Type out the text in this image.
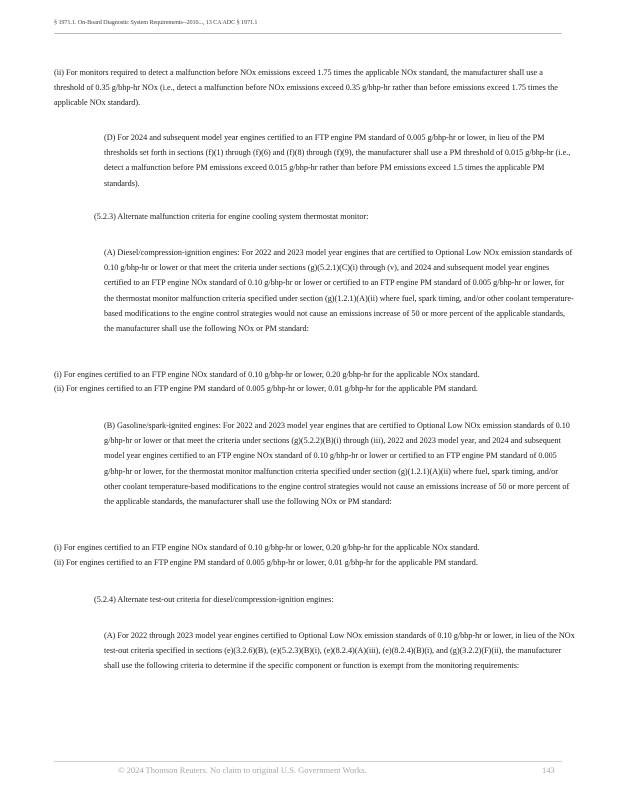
§ 1971.1. On-Board Diagnostic System Requirements--2010..., 13 CA ADC § 1971.1

(ii) For monitors required to detect a malfunction before NOx emissions exceed 1.75 times the applicable NOx standard, the manufacturer shall use a threshold of 0.35 g/bhp-hr NOx (i.e., detect a malfunction before NOx emissions exceed 0.35 g/bhp-hr rather than before emissions exceed 1.75 times the applicable NOx standard).

(D) For 2024 and subsequent model year engines certified to an FTP engine PM standard of 0.005 g/bhp-hr or lower, in lieu of the PM thresholds set forth in sections (f)(1) through (f)(6) and (f)(8) through (f)(9), the manufacturer shall use a PM threshold of 0.015 g/bhp-hr (i.e., detect a malfunction before PM emissions exceed 0.015 g/bhp-hr rather than before PM emissions exceed 1.5 times the applicable PM standards).

(5.2.3) Alternate malfunction criteria for engine cooling system thermostat monitor:

(A) Diesel/compression-ignition engines: For 2022 and 2023 model year engines that are certified to Optional Low NOx emission standards of 0.10 g/bhp-hr or lower or that meet the criteria under sections (g)(5.2.1)(C)(i) through (v), and 2024 and subsequent model year engines certified to an FTP engine NOx standard of 0.10 g/bhp-hr or lower or certified to an FTP engine PM standard of 0.005 g/bhp-hr or lower, for the thermostat monitor malfunction criteria specified under section (g)(1.2.1)(A)(ii) where fuel, spark timing, and/or other coolant temperature-based modifications to the engine control strategies would not cause an emissions increase of 50 or more percent of the applicable standards, the manufacturer shall use the following NOx or PM standard:

(i) For engines certified to an FTP engine NOx standard of 0.10 g/bhp-hr or lower, 0.20 g/bhp-hr for the applicable NOx standard.

(ii) For engines certified to an FTP engine PM standard of 0.005 g/bhp-hr or lower, 0.01 g/bhp-hr for the applicable PM standard.

(B) Gasoline/spark-ignited engines: For 2022 and 2023 model year engines that are certified to Optional Low NOx emission standards of 0.10 g/bhp-hr or lower or that meet the criteria under sections (g)(5.2.2)(B)(i) through (iii), 2022 and 2023 model year, and 2024 and subsequent model year engines certified to an FTP engine NOx standard of 0.10 g/bhp-hr or lower or certified to an FTP engine PM standard of 0.005 g/bhp-hr or lower, for the thermostat monitor malfunction criteria specified under section (g)(1.2.1)(A)(ii) where fuel, spark timing, and/or other coolant temperature-based modifications to the engine control strategies would not cause an emissions increase of 50 or more percent of the applicable standards, the manufacturer shall use the following NOx or PM standard:

(i) For engines certified to an FTP engine NOx standard of 0.10 g/bhp-hr or lower, 0.20 g/bhp-hr for the applicable NOx standard.

(ii) For engines certified to an FTP engine PM standard of 0.005 g/bhp-hr or lower, 0.01 g/bhp-hr for the applicable PM standard.

(5.2.4) Alternate test-out criteria for diesel/compression-ignition engines:

(A) For 2022 through 2023 model year engines certified to Optional Low NOx emission standards of 0.10 g/bhp-hr or lower, in lieu of the NOx test-out criteria specified in sections (e)(3.2.6)(B), (e)(5.2.3)(B)(i), (e)(8.2.4)(A)(iii), (e)(8.2.4)(B)(i), and (g)(3.2.2)(F)(ii), the manufacturer shall use the following criteria to determine if the specific component or function is exempt from the monitoring requirements:

© 2024 Thomson Reuters. No claim to original U.S. Government Works.	143
